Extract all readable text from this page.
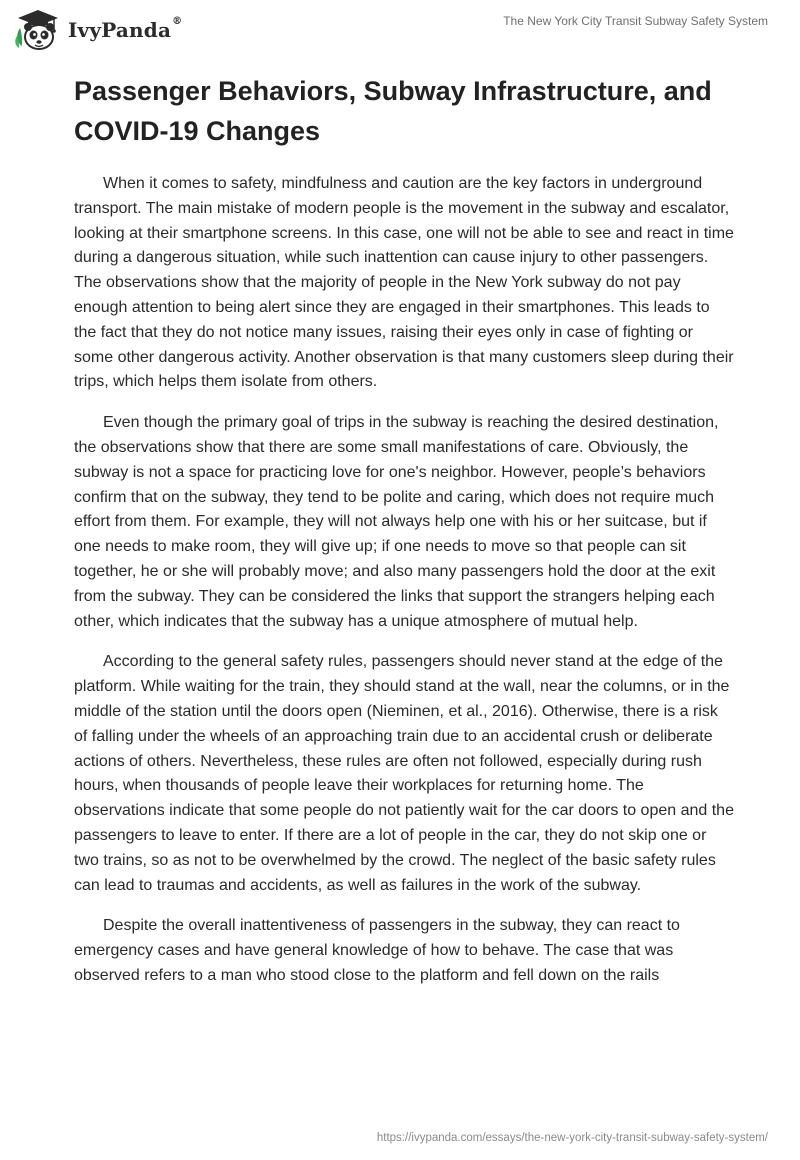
IvyPanda ®	The New York City Transit Subway Safety System
Passenger Behaviors, Subway Infrastructure, and COVID-19 Changes

When it comes to safety, mindfulness and caution are the key factors in underground transport. The main mistake of modern people is the movement in the subway and escalator, looking at their smartphone screens. In this case, one will not be able to see and react in time during a dangerous situation, while such inattention can cause injury to other passengers. The observations show that the majority of people in the New York subway do not pay enough attention to being alert since they are engaged in their smartphones. This leads to the fact that they do not notice many issues, raising their eyes only in case of fighting or some other dangerous activity. Another observation is that many customers sleep during their trips, which helps them isolate from others.

Even though the primary goal of trips in the subway is reaching the desired destination, the observations show that there are some small manifestations of care. Obviously, the subway is not a space for practicing love for one's neighbor. However, people’s behaviors confirm that on the subway, they tend to be polite and caring, which does not require much effort from them. For example, they will not always help one with his or her suitcase, but if one needs to make room, they will give up; if one needs to move so that people can sit together, he or she will probably move; and also many passengers hold the door at the exit from the subway. They can be considered the links that support the strangers helping each other, which indicates that the subway has a unique atmosphere of mutual help.

According to the general safety rules, passengers should never stand at the edge of the platform. While waiting for the train, they should stand at the wall, near the columns, or in the middle of the station until the doors open (Nieminen, et al., 2016). Otherwise, there is a risk of falling under the wheels of an approaching train due to an accidental crush or deliberate actions of others. Nevertheless, these rules are often not followed, especially during rush hours, when thousands of people leave their workplaces for returning home. The observations indicate that some people do not patiently wait for the car doors to open and the passengers to leave to enter. If there are a lot of people in the car, they do not skip one or two trains, so as not to be overwhelmed by the crowd. The neglect of the basic safety rules can lead to traumas and accidents, as well as failures in the work of the subway.

Despite the overall inattentiveness of passengers in the subway, they can react to emergency cases and have general knowledge of how to behave. The case that was observed refers to a man who stood close to the platform and fell down on the rails

https://ivypanda.com/essays/the-new-york-city-transit-subway-safety-system/
